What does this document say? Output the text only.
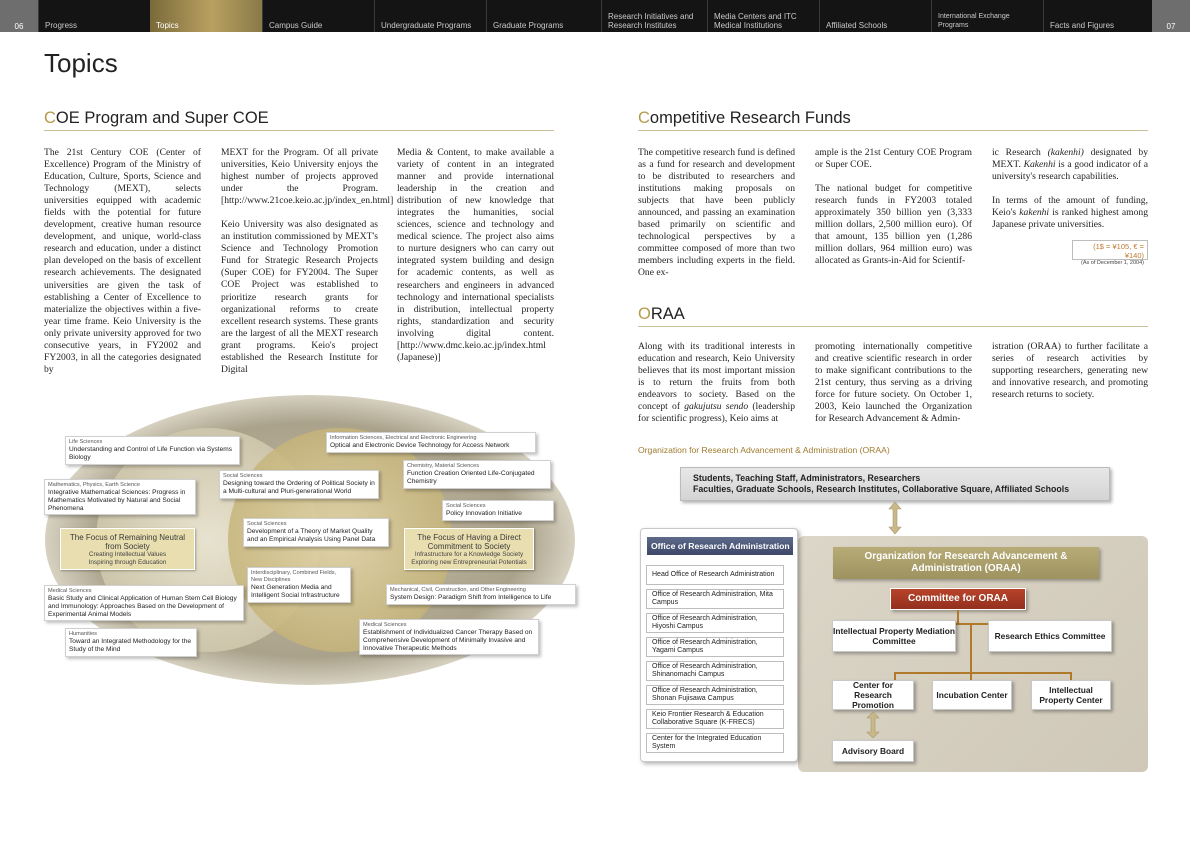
06	Progress	Topics	Campus Guide	Undergraduate Programs	Graduate Programs
Research Initiatives and Research Institutes
Media Centers and ITC Medical Institutions	Affiliated Schools
International Exchange Programs	Facts and Figures	07
Topics
COE Program and Super COE
The 21st Century COE (Center of Excellence) Program of the Ministry of Education, Culture, Sports, Science and Technology (MEXT), selects universities equipped with academic fields with the potential for future development, creative human resource development, and unique, world-class research and education, under a distinct plan developed on the basis of excellent research achievements. The designated universities are given the task of establishing a Center of Excellence to materialize the objectives within a five-year time frame. Keio University is the only private university approved for two consecutive years, in FY2002 and FY2003, in all the categories designated by
MEXT for the Program. Of all private universities, Keio University enjoys the highest number of projects approved under the Program. [http://www.21coe.keio.ac.jp/index_en.html]
Keio University was also designated as an institution commissioned by MEXT's Science and Technology Promotion Fund for Strategic Research Projects (Super COE) for FY2004. The Super COE Project was established to prioritize research grants for organizational reforms to create excellent research systems. These grants are the largest of all the MEXT research grant programs. Keio's project established the Research Institute for Digital
Media & Content, to make available a variety of content in an integrated manner and provide international leadership in the creation and distribution of new knowledge that integrates the humanities, social sciences, science and technology and medical science. The project also aims to nurture designers who can carry out integrated system building and design for academic contents, as well as researchers and engineers in advanced technology and international specialists in distribution, intellectual property rights, standardization and security involving digital content. [http://www.dmc.keio.ac.jp/index.html (Japanese)]
Life Sciences
Understanding and Control of Life Function via Systems Biology
Information Sciences, Electrical and Electronic Engineering
Optical and Electronic Device Technology for Access Network
Chemistry, Material Sciences
Function Creation Oriented Life-Conjugated Chemistry
Social Sciences
Designing toward the Ordering of Political Society in a Multi-cultural and Pluri-generational World
Mathematics, Physics, Earth Science
Integrative Mathematical Sciences: Progress in Mathematics Motivated by Natural and Social Phenomena	Social Sciences
Policy Innovation Initiative
Social Sciences
Development of a Theory of Market Quality and an Empirical Analysis Using Panel Data
Interdisciplinary, Combined Fields, New Disciplines
Next Generation Media and Intelligent Social Infrastructure
Mechanical, Civil, Construction, and Other Engineering
System Design: Paradigm Shift from Intelligence to Life
Medical Sciences
Basic Study and Clinical Application of Human Stem Cell Biology and Immunology: Approaches Based on the Development of Experimental Animal Models
Medical Sciences
Establishment of Individualized Cancer Therapy Based on Comprehensive Development of Minimally Invasive and Innovative Therapeutic Methods
Humanities
Toward an Integrated Methodology for the Study of the Mind
The Focus of Remaining Neutral from Society
Creating Intellectual Values
Inspiring through Education
The Focus of Having a Direct Commitment to Society
Infrastructure for a Knowledge Society
Exploring new Entrepreneurial Potentials
Competitive Research Funds
The competitive research fund is defined as a fund for research and development to be distributed to researchers and institutions making proposals on subjects that have been publicly announced, and passing an examination based primarily on scientific and technological perspectives by a committee composed of more than two members including experts in the field. One ex-
ample is the 21st Century COE Program or Super COE.
The national budget for competitive research funds in FY2003 totaled approximately 350 billion yen (3,333 million dollars, 2,500 million euro). Of that amount, 135 billion yen (1,286 million dollars, 964 million euro) was allocated as Grants-in-Aid for Scientif-
ic Research (kakenhi) designated by MEXT. Kakenhi is a good indicator of a university's research capabilities.
In terms of the amount of funding, Keio's kakenhi is ranked highest among Japanese private universities.
(1$ = ¥105, € = ¥140)
(As of December 1, 2004)
ORAA
Along with its traditional interests in education and research, Keio University believes that its most important mission is to return the fruits from both endeavors to society. Based on the concept of gakujutsu sendo (leadership for scientific progress), Keio aims at
promoting internationally competitive and creative scientific research in order to make significant contributions to the 21st century, thus serving as a driving force for future society. On October 1, 2003, Keio launched the Organization for Research Advancement & Admin-
istration (ORAA) to further facilitate a series of research activities by supporting researchers, generating new and innovative research, and promoting research returns to society.
Organization for Research Advancement & Administration (ORAA)
Students, Teaching Staff, Administrators, Researchers
Faculties, Graduate Schools, Research Institutes, Collaborative Square, Affiliated Schools
Office of Research Administration
Head Office of Research Administration
Office of Research Administration, Mita Campus
Office of Research Administration, Hiyoshi Campus
Office of Research Administration, Yagami Campus
Office of Research Administration, Shinanomachi Campus
Office of Research Administration, Shonan Fujisawa Campus
Keio Frontier Research & Education Collaborative Square (K-FRECS)
Center for the Integrated Education System
Organization for Research Advancement & Administration (ORAA)
Committee for ORAA
Intellectual Property Mediation Committee	Research Ethics Committee
Center for Research Promotion
Incubation Center	Intellectual Property Center
Advisory Board
